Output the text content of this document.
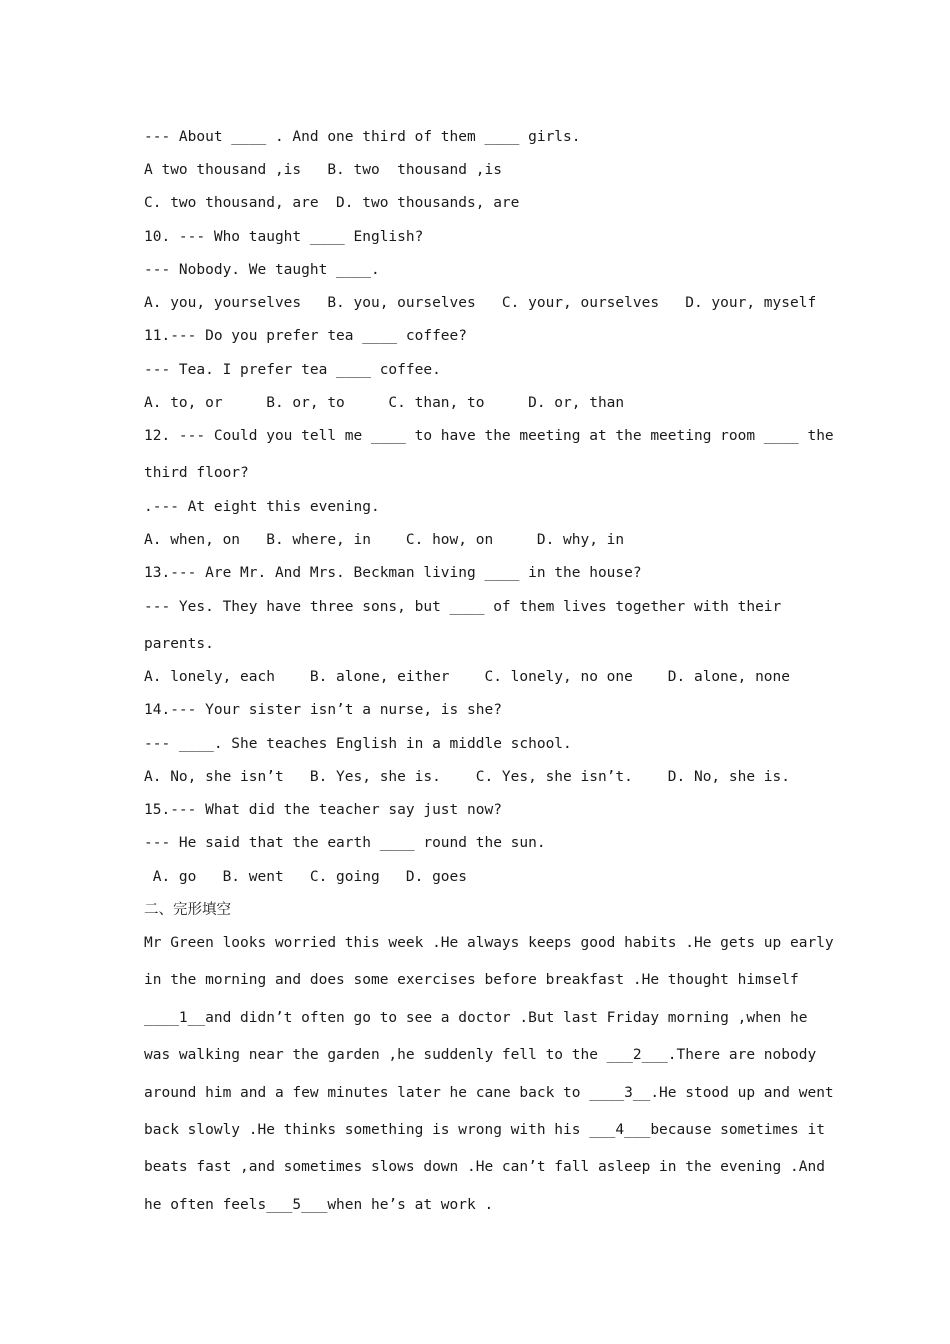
--- About ____ . And one third of them ____ girls.

A two thousand ,is   B. two  thousand ,is

C. two thousand, are  D. two thousands, are

10. --- Who taught ____ English?

--- Nobody. We taught ____.

A. you, yourselves   B. you, ourselves   C. your, ourselves   D. your, myself

11.--- Do you prefer tea ____ coffee?

--- Tea. I prefer tea ____ coffee.

A. to, or     B. or, to     C. than, to     D. or, than

12. --- Could you tell me ____ to have the meeting at the meeting room ____ the

third floor?

.--- At eight this evening.

A. when, on   B. where, in    C. how, on     D. why, in

13.--- Are Mr. And Mrs. Beckman living ____ in the house?

--- Yes. They have three sons, but ____ of them lives together with their

parents.

A. lonely, each    B. alone, either    C. lonely, no one    D. alone, none

14.--- Your sister isn’t a nurse, is she?

--- ____. She teaches English in a middle school.

A. No, she isn’t   B. Yes, she is.    C. Yes, she isn’t.    D. No, she is.

15.--- What did the teacher say just now?

--- He said that the earth ____ round the sun.

A. go   B. went   C. going   D. goes

二、完形填空

Mr Green looks worried this week .He always keeps good habits .He gets up early

in the morning and does some exercises before breakfast .He thought himself

____1__and didn’t often go to see a doctor .But last Friday morning ,when he

was walking near the garden ,he suddenly fell to the ___2___.There are nobody

around him and a few minutes later he cane back to ____3__.He stood up and went

back slowly .He thinks something is wrong with his ___4___because sometimes it

beats fast ,and sometimes slows down .He can’t fall asleep in the evening .And

he often feels___5___when he’s at work .
